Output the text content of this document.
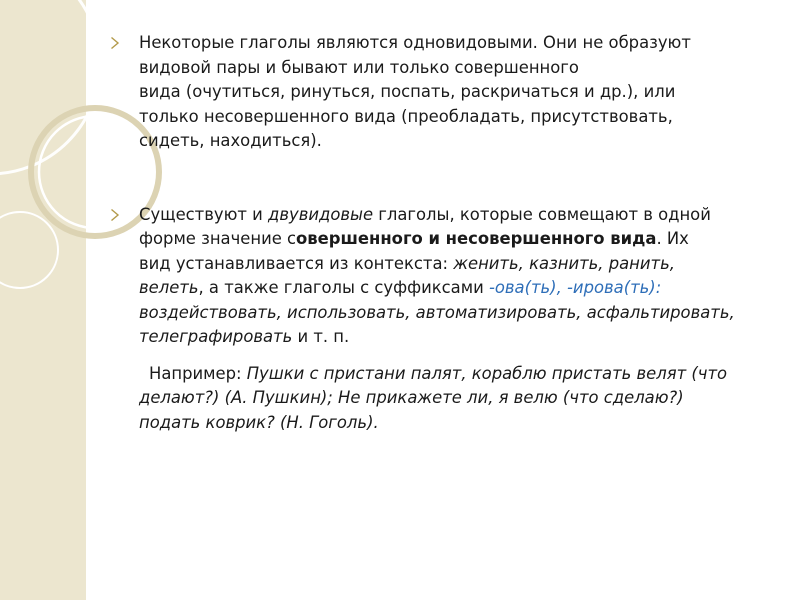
Некоторые глаголы являются одновидовыми. Они не образуют
видовой пары и бывают или только совершенного
вида (очутиться, ринуться, поспать, раскричаться и др.), или
только несовершенного вида (преобладать, присутствовать,
сидеть, находиться).
Существуют и двувидовые глаголы, которые совмещают в одной
форме значение совершенного и несовершенного вида. Их
вид устанавливается из контекста: женить, казнить, ранить,
велеть, а также глаголы с суффиксами -ова(ть), -ирова(ть):
воздействовать, использовать, автоматизировать, асфальтировать,
телеграфировать и т. п.
Например: Пушки с пристани палят, кораблю пристать велят (что
делают?) (А. Пушкин); Не прикажете ли, я велю (что сделаю?)
подать коврик? (Н. Гоголь).
